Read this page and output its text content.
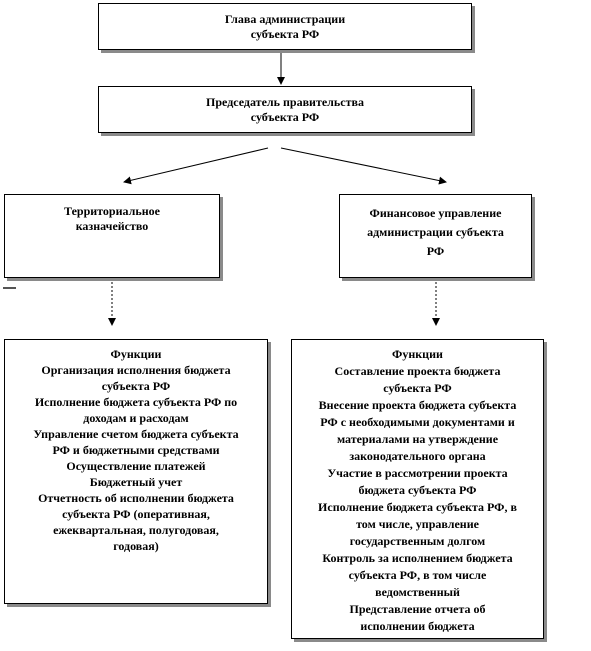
Глава администрации
субъекта РФ
Председатель правительства
субъекта РФ
Территориальное
казначейство
Финансовое управление
администрации субъекта
РФ
Функции
Организация исполнения бюджета
субъекта РФ
Исполнение бюджета субъекта РФ по
доходам и расходам
Управление счетом бюджета субъекта
РФ и бюджетными средствами
Осуществление платежей
Бюджетный учет
Отчетность об исполнении бюджета
субъекта РФ (оперативная,
ежеквартальная, полугодовая,
годовая)
Функции
Составление проекта бюджета
субъекта РФ
Внесение проекта бюджета субъекта
РФ с необходимыми документами и
материалами на утверждение
законодательного органа
Участие в рассмотрении проекта
бюджета субъекта РФ
Исполнение бюджета субъекта РФ, в
том числе, управление
государственным долгом
Контроль за исполнением бюджета
субъекта РФ, в том числе
ведомственный
Представление отчета об
исполнении бюджета
